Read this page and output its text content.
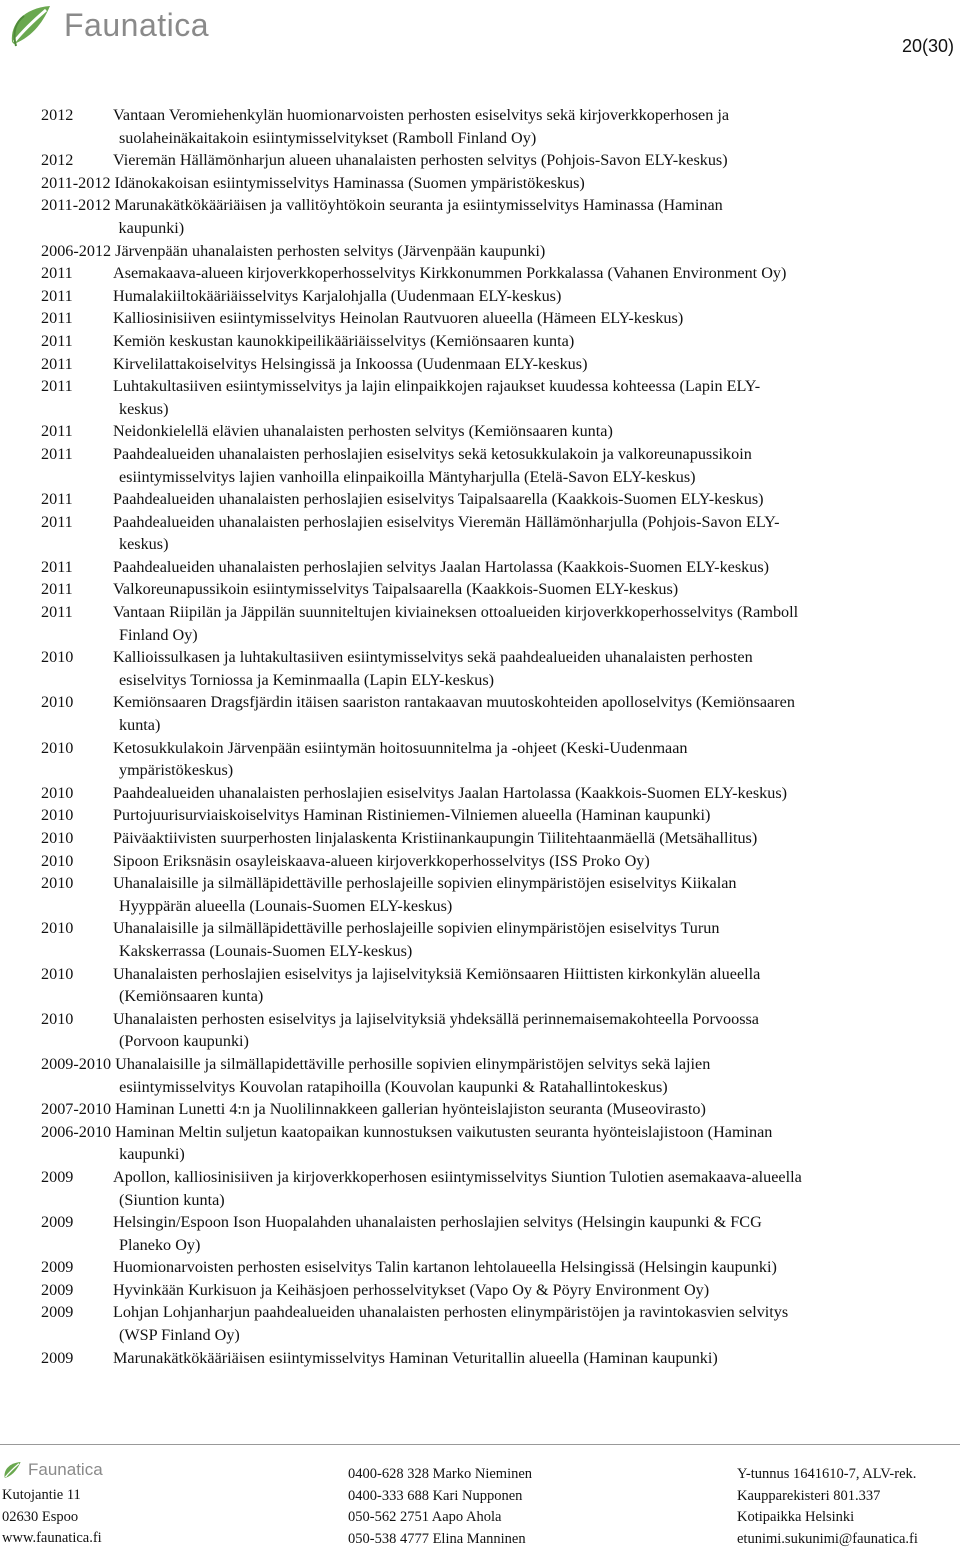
Faunatica
20(30)
2012	Vantaan Veromiehenkylän huomionarvoisten perhosten esiselvitys sekä kirjoverkkoperhosen ja
suolaheinäkaitakoin esiintymisselvitykset (Ramboll Finland Oy)
2012	Vieremän Hällämönharjun alueen uhanalaisten perhosten selvitys (Pohjois-Savon ELY-keskus)
2011-2012 Idänokakoisan esiintymisselvitys Haminassa (Suomen ympäristökeskus)
2011-2012 Marunakätkökääriäisen ja vallitöyhtökoin seuranta ja esiintymisselvitys Haminassa (Haminan
kaupunki)
2006-2012 Järvenpään uhanalaisten perhosten selvitys (Järvenpään kaupunki)
2011	Asemakaava-alueen kirjoverkkoperhosselvitys Kirkkonummen Porkkalassa (Vahanen Environment Oy)
2011	Humalakiiltokääriäisselvitys Karjalohjalla (Uudenmaan ELY-keskus)
2011	Kalliosinisiiven esiintymisselvitys Heinolan Rautvuoren alueella (Hämeen ELY-keskus)
2011	Kemiön keskustan kaunokkipeilikääriäisselvitys (Kemiönsaaren kunta)
2011	Kirvelilattakoiselvitys Helsingissä ja Inkoossa (Uudenmaan ELY-keskus)
2011	Luhtakultasiiven esiintymisselvitys ja lajin elinpaikkojen rajaukset kuudessa kohteessa (Lapin ELY-
keskus)
2011	Neidonkielellä elävien uhanalaisten perhosten selvitys (Kemiönsaaren kunta)
2011	Paahdealueiden uhanalaisten perhoslajien esiselvitys sekä ketosukkulakoin ja valkoreunapussikoin
esiintymisselvitys lajien vanhoilla elinpaikoilla Mäntyharjulla (Etelä-Savon ELY-keskus)
2011	Paahdealueiden uhanalaisten perhoslajien esiselvitys Taipalsaarella (Kaakkois-Suomen ELY-keskus)
2011	Paahdealueiden uhanalaisten perhoslajien esiselvitys Vieremän Hällämönharjulla (Pohjois-Savon ELY-
keskus)
2011	Paahdealueiden uhanalaisten perhoslajien selvitys Jaalan Hartolassa (Kaakkois-Suomen ELY-keskus)
2011	Valkoreunapussikoin esiintymisselvitys Taipalsaarella (Kaakkois-Suomen ELY-keskus)
2011	Vantaan Riipilän ja Jäppilän suunniteltujen kiviaineksen ottoalueiden kirjoverkkoperhosselvitys (Ramboll
Finland Oy)
2010	Kallioissulkasen ja luhtakultasiiven esiintymisselvitys sekä paahdealueiden uhanalaisten perhosten
esiselvitys Torniossa ja Keminmaalla (Lapin ELY-keskus)
2010	Kemiönsaaren Dragsfjärdin itäisen saariston rantakaavan muutoskohteiden apolloselvitys (Kemiönsaaren
kunta)
2010	Ketosukkulakoin Järvenpään esiintymän hoitosuunnitelma ja -ohjeet (Keski-Uudenmaan
ympäristökeskus)
2010	Paahdealueiden uhanalaisten perhoslajien esiselvitys Jaalan Hartolassa (Kaakkois-Suomen ELY-keskus)
2010	Purtojuurisurviaiskoiselvitys Haminan Ristiniemen-Vilniemen alueella (Haminan kaupunki)
2010	Päiväaktiivisten suurperhosten linjalaskenta Kristiinankaupungin Tiilitehtaanmäellä (Metsähallitus)
2010	Sipoon Eriksnäsin osayleiskaava-alueen kirjoverkkoperhosselvitys (ISS Proko Oy)
2010	Uhanalaisille ja silmälläpidettäville perhoslajeille sopivien elinympäristöjen esiselvitys Kiikalan
Hyyppärän alueella (Lounais-Suomen ELY-keskus)
2010	Uhanalaisille ja silmälläpidettäville perhoslajeille sopivien elinympäristöjen esiselvitys Turun
Kakskerrassa (Lounais-Suomen ELY-keskus)
2010	Uhanalaisten perhoslajien esiselvitys ja lajiselvityksiä Kemiönsaaren Hiittisten kirkonkylän alueella
(Kemiönsaaren kunta)
2010	Uhanalaisten perhosten esiselvitys ja lajiselvityksiä yhdeksällä perinnemaisemakohteella Porvoossa
(Porvoon kaupunki)
2009-2010 Uhanalaisille ja silmällapidettäville perhosille sopivien elinympäristöjen selvitys sekä lajien
esiintymisselvitys Kouvolan ratapihoilla (Kouvolan kaupunki & Ratahallintokeskus)
2007-2010 Haminan Lunetti 4:n ja Nuolilinnakkeen gallerian hyönteislajiston seuranta (Museovirasto)
2006-2010 Haminan Meltin suljetun kaatopaikan kunnostuksen vaikutusten seuranta hyönteislajistoon (Haminan
kaupunki)
2009	Apollon, kalliosinisiiven ja kirjoverkkoperhosen esiintymisselvitys Siuntion Tulotien asemakaava-alueella
(Siuntion kunta)
2009	Helsingin/Espoon Ison Huopalahden uhanalaisten perhoslajien selvitys (Helsingin kaupunki & FCG
Planeko Oy)
2009	Huomionarvoisten perhosten esiselvitys Talin kartanon lehtolaueella Helsingissä (Helsingin kaupunki)
2009	Hyvinkään Kurkisuon ja Keihäsjoen perhosselvitykset (Vapo Oy & Pöyry Environment Oy)
2009	Lohjan Lohjanharjun paahdealueiden uhanalaisten perhosten elinympäristöjen ja ravintokasvien selvitys
(WSP Finland Oy)
2009	Marunakätkökääriäisen esiintymisselvitys Haminan Veturitallin alueella (Haminan kaupunki)
Faunatica
Kutojantie 11
02630 Espoo
www.faunatica.fi
0400-628 328 Marko Nieminen
0400-333 688 Kari Nupponen
050-562 2751 Aapo Ahola
050-538 4777 Elina Manninen
Y-tunnus 1641610-7, ALV-rek.
Kaupparekisteri 801.337
Kotipaikka Helsinki
etunimi.sukunimi@faunatica.fi
